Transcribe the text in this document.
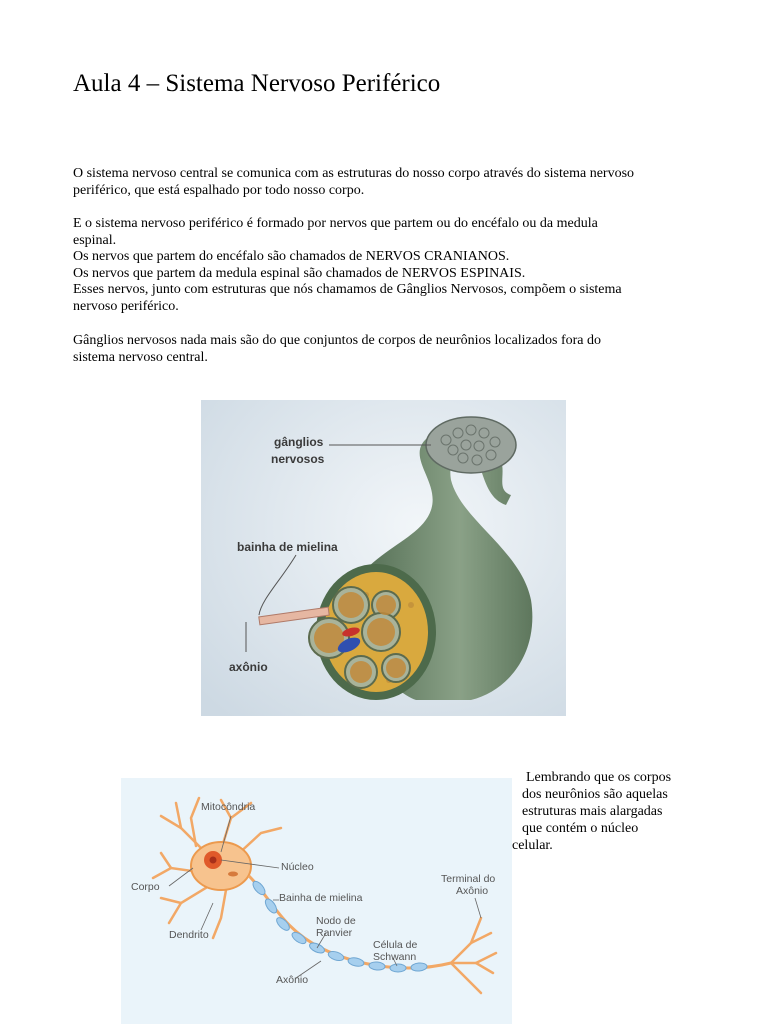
Aula 4 – Sistema Nervoso Periférico
O sistema nervoso central se comunica com as estruturas do nosso corpo através do sistema nervoso
periférico, que está espalhado por todo nosso corpo.
E o sistema nervoso periférico é formado por nervos que partem ou do encéfalo ou da medula
espinal.
Os nervos que partem do encéfalo são chamados de NERVOS CRANIANOS.
Os nervos que partem da medula espinal são chamados de NERVOS ESPINAIS.
Esses nervos, junto com estruturas que nós chamamos de Gânglios Nervosos, compõem o sistema
nervoso periférico.
Gânglios nervosos nada mais são do que conjuntos de corpos de neurônios localizados fora do
sistema nervoso central.
gânglios
nervosos
bainha de mielina
axônio
Mitocôndria
Núcleo
Corpo
Bainha de mielina
Nodo de
Ranvier
Dendrito
Célula de
Schwann
Terminal do
Axônio
Axônio
Lembrando que os corpos
dos neurônios são aquelas
estruturas mais alargadas
que contém o núcleo
celular.
